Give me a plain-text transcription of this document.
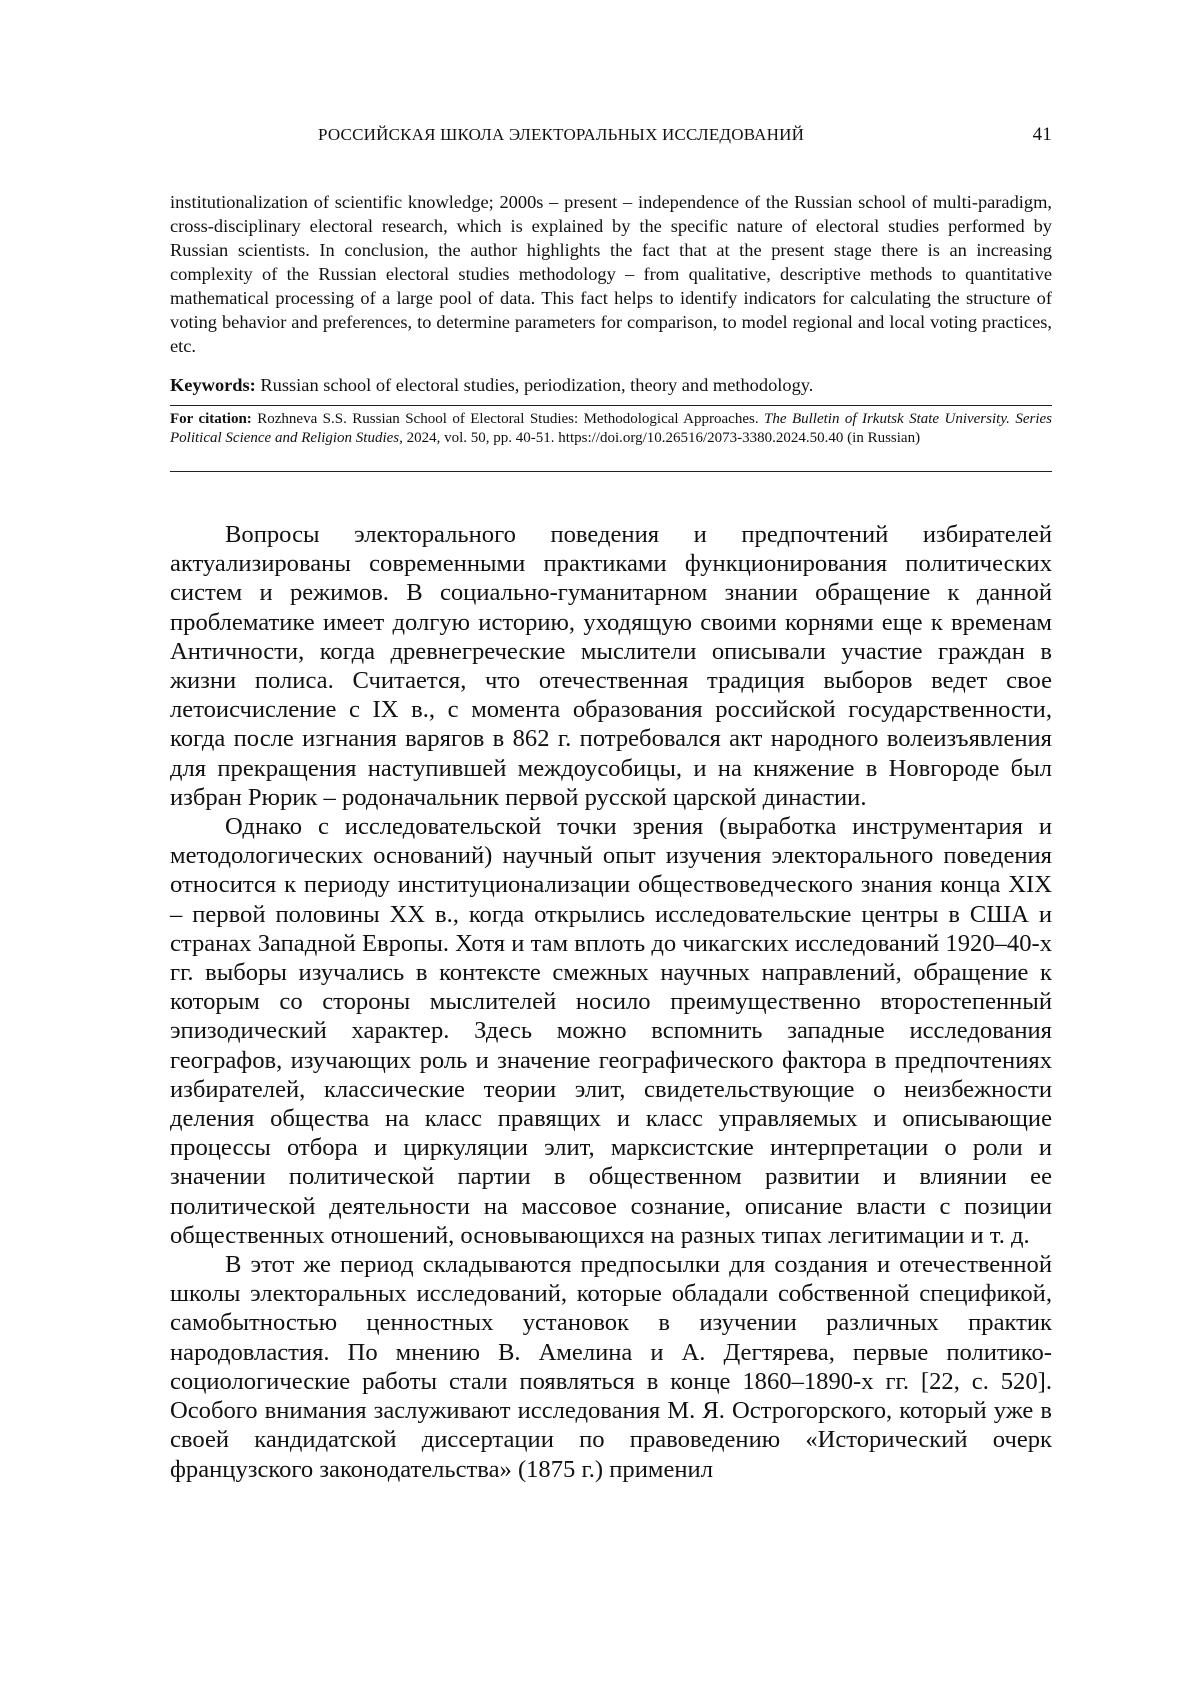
РОССИЙСКАЯ ШКОЛА ЭЛЕКТОРАЛЬНЫХ ИССЛЕДОВАНИЙ	41

institutionalization of scientific knowledge; 2000s – present – independence of the Russian school of multi-paradigm, cross-disciplinary electoral research, which is explained by the specific nature of electoral studies performed by Russian scientists. In conclusion, the author highlights the fact that at the present stage there is an increasing complexity of the Russian electoral studies methodology – from qualitative, descriptive methods to quantitative mathematical processing of a large pool of data. This fact helps to identify indicators for calculating the structure of voting behavior and preferences, to determine parameters for comparison, to model regional and local voting practices, etc.

Keywords: Russian school of electoral studies, periodization, theory and methodology.

For citation: Rozhneva S.S. Russian School of Electoral Studies: Methodological Approaches. The Bulletin of Irkutsk State University. Series Political Science and Religion Studies, 2024, vol. 50, pp. 40-51. https://doi.org/10.26516/2073-3380.2024.50.40 (in Russian)

Вопросы электорального поведения и предпочтений избирателей актуализированы современными практиками функционирования политических систем и режимов. В социально-гуманитарном знании обращение к данной проблематике имеет долгую историю, уходящую своими корнями еще к временам Античности, когда древнегреческие мыслители описывали участие граждан в жизни полиса. Считается, что отечественная традиция выборов ведет свое летоисчисление с IX в., с момента образования российской государственности, когда после изгнания варягов в 862 г. потребовался акт народного волеизъявления для прекращения наступившей междоусобицы, и на княжение в Новгороде был избран Рюрик – родоначальник первой русской царской династии.

Однако с исследовательской точки зрения (выработка инструментария и методологических оснований) научный опыт изучения электорального поведения относится к периоду институционализации обществоведческого знания конца XIX – первой половины XX в., когда открылись исследовательские центры в США и странах Западной Европы. Хотя и там вплоть до чикагских исследований 1920–40-х гг. выборы изучались в контексте смежных научных направлений, обращение к которым со стороны мыслителей носило преимущественно второстепенный эпизодический характер. Здесь можно вспомнить западные исследования географов, изучающих роль и значение географического фактора в предпочтениях избирателей, классические теории элит, свидетельствующие о неизбежности деления общества на класс правящих и класс управляемых и описывающие процессы отбора и циркуляции элит, марксистские интерпретации о роли и значении политической партии в общественном развитии и влиянии ее политической деятельности на массовое сознание, описание власти с позиции общественных отношений, основывающихся на разных типах легитимации и т. д.

В этот же период складываются предпосылки для создания и отечественной школы электоральных исследований, которые обладали собственной спецификой, самобытностью ценностных установок в изучении различных практик народовластия. По мнению В. Амелина и А. Дегтярева, первые политико-социологические работы стали появляться в конце 1860–1890-х гг. [22, с. 520]. Особого внимания заслуживают исследования М. Я. Острогорского, который уже в своей кандидатской диссертации по правоведению «Исторический очерк французского законодательства» (1875 г.) применил
